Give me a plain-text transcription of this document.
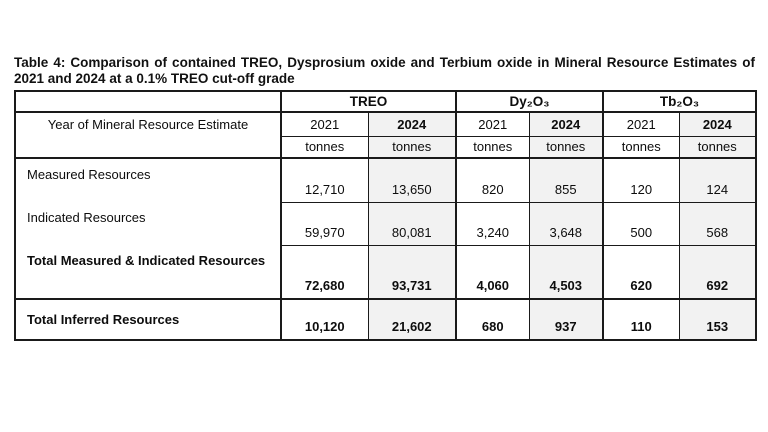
Table 4: Comparison of contained TREO, Dysprosium oxide and Terbium oxide in Mineral Resource Estimates of 2021 and 2024 at a 0.1% TREO cut-off grade
	TREO		Dy₂O₃		Tb₂O₃	
Year of Mineral Resource Estimate	2021	2024	2021	2024	2021	2024
	tonnes	tonnes	tonnes	tonnes	tonnes	tonnes
Measured Resources	12,710	13,650	820	855	120	124
Indicated Resources	59,970	80,081	3,240	3,648	500	568
Total Measured & Indicated Resources	72,680	93,731	4,060	4,503	620	692
Total Inferred Resources	10,120	21,602	680	937	110	153
